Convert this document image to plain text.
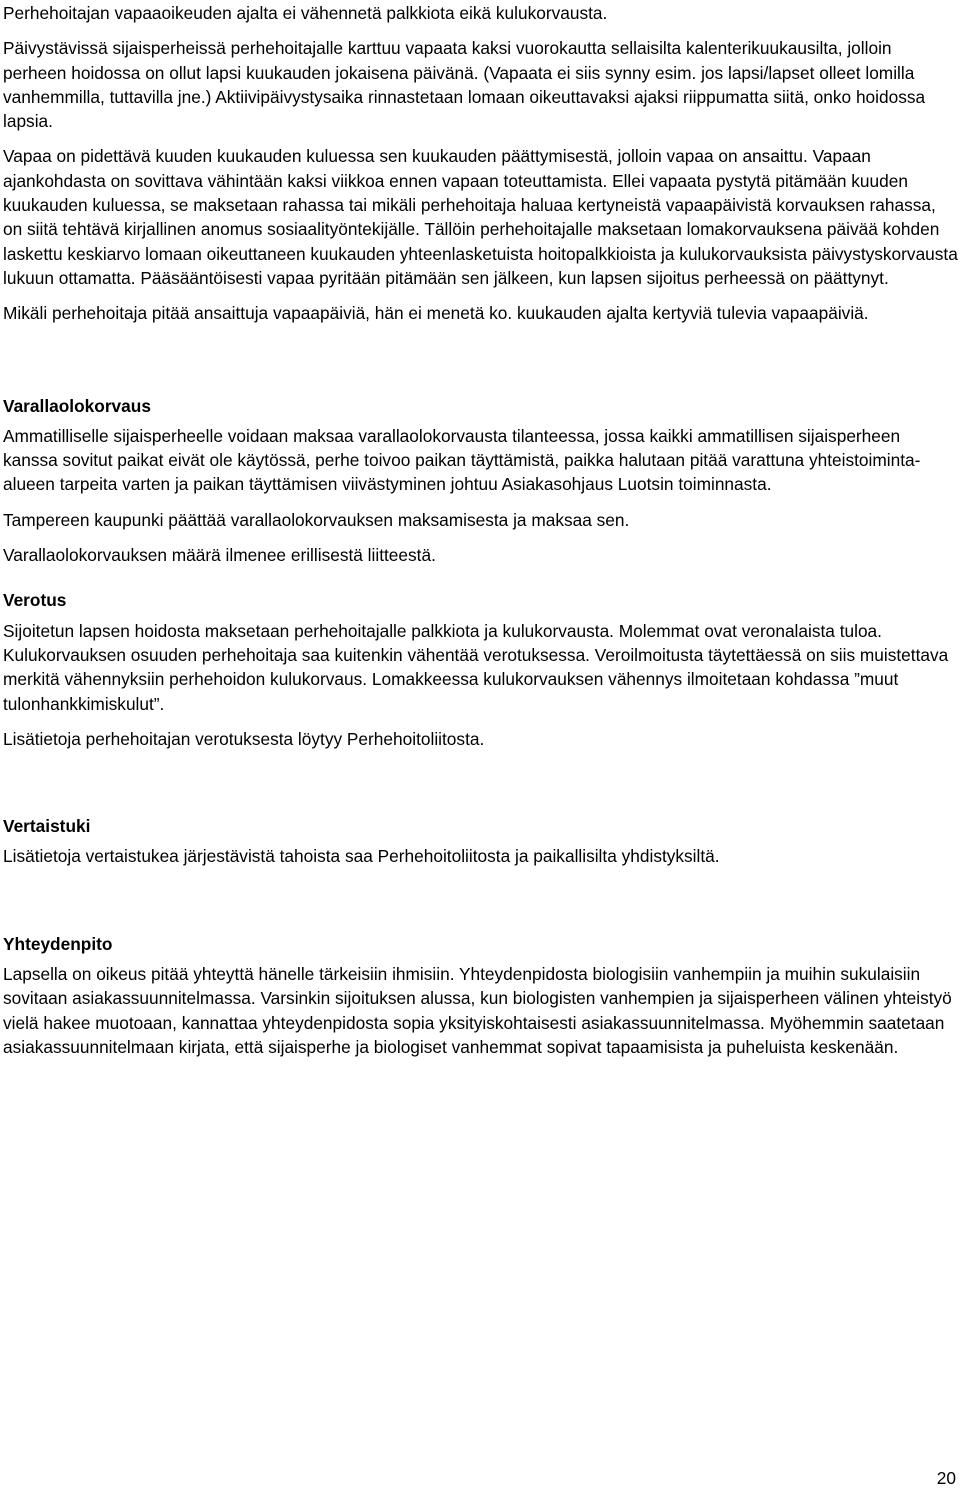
Perhehoitajan vapaaoikeuden ajalta ei vähennetä palkkiota eikä kulukorvausta.

Päivystävissä sijaisperheissä perhehoitajalle karttuu vapaata kaksi vuorokautta sellaisilta kalenterikuukausilta, jolloin perheen hoidossa on ollut lapsi kuukauden jokaisena päivänä. (Vapaata ei siis synny esim. jos lapsi/lapset olleet lomilla vanhemmilla, tuttavilla jne.) Aktiivipäivystysaika rinnastetaan lomaan oikeuttavaksi ajaksi riippumatta siitä, onko hoidossa lapsia.

Vapaa on pidettävä kuuden kuukauden kuluessa sen kuukauden päättymisestä, jolloin vapaa on ansaittu. Vapaan ajankohdasta on sovittava vähintään kaksi viikkoa ennen vapaan toteuttamista. Ellei vapaata pystytä pitämään kuuden kuukauden kuluessa, se maksetaan rahassa tai mikäli perhehoitaja haluaa kertyneistä vapaapäivistä korvauksen rahassa, on siitä tehtävä kirjallinen anomus sosiaalityöntekijälle. Tällöin perhehoitajalle maksetaan lomakorvauksena päivää kohden laskettu keskiarvo lomaan oikeuttaneen kuukauden yhteenlasketuista hoitopalkkioista ja kulukorvauksista päivystyskorvausta lukuun ottamatta. Pääsääntöisesti vapaa pyritään pitämään sen jälkeen, kun lapsen sijoitus perheessä on päättynyt.

Mikäli perhehoitaja pitää ansaittuja vapaapäiviä, hän ei menetä ko. kuukauden ajalta kertyviä tulevia vapaapäiviä.

Varallaolokorvaus

Ammatilliselle sijaisperheelle voidaan maksaa varallaolokorvausta tilanteessa, jossa kaikki ammatillisen sijaisperheen kanssa sovitut paikat eivät ole käytössä, perhe toivoo paikan täyttämistä, paikka halutaan pitää varattuna yhteistoiminta-alueen tarpeita varten ja paikan täyttämisen viivästyminen johtuu Asiakasohjaus Luotsin toiminnasta.

Tampereen kaupunki päättää varallaolokorvauksen maksamisesta ja maksaa sen.

Varallaolokorvauksen määrä ilmenee erillisestä liitteestä.

Verotus

Sijoitetun lapsen hoidosta maksetaan perhehoitajalle palkkiota ja kulukorvausta. Molemmat ovat veronalaista tuloa. Kulukorvauksen osuuden perhehoitaja saa kuitenkin vähentää verotuksessa. Veroilmoitusta täytettäessä on siis muistettava merkitä vähennyksiin perhehoidon kulukorvaus. Lomakkeessa kulukorvauksen vähennys ilmoitetaan kohdassa ”muut tulonhankkimiskulut”.

Lisätietoja perhehoitajan verotuksesta löytyy Perhehoitoliitosta.

Vertaistuki

Lisätietoja vertaistukea järjestävistä tahoista saa Perhehoitoliitosta ja paikallisilta yhdistyksiltä.

Yhteydenpito

Lapsella on oikeus pitää yhteyttä hänelle tärkeisiin ihmisiin. Yhteydenpidosta biologisiin vanhempiin ja muihin sukulaisiin sovitaan asiakassuunnitelmassa. Varsinkin sijoituksen alussa, kun biologisten vanhempien ja sijaisperheen välinen yhteistyö vielä hakee muotoaan, kannattaa yhteydenpidosta sopia yksityiskohtaisesti asiakassuunnitelmassa. Myöhemmin saatetaan asiakassuunnitelmaan kirjata, että sijaisperhe ja biologiset vanhemmat sopivat tapaamisista ja puheluista keskenään.

20
